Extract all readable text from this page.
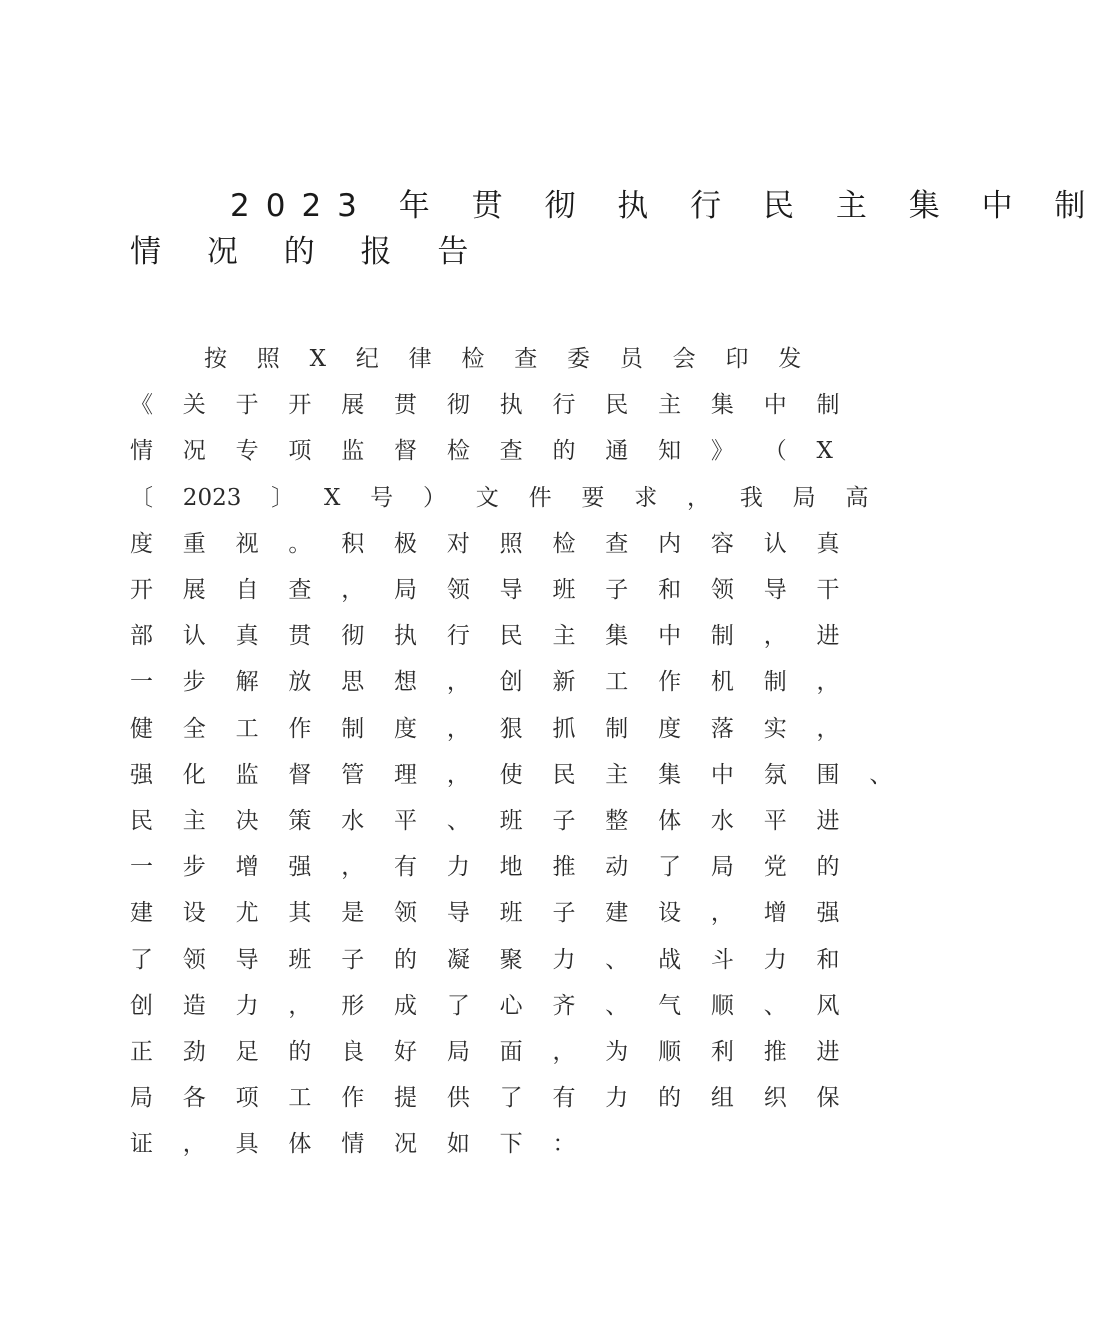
2023 年 贯 彻 执 行 民 主 集 中 制
情 况 的 报 告
按 照 X 纪 律 检 查 委 员 会 印 发
《 关 于 开 展 贯 彻 执 行 民 主 集 中 制
情 况 专 项 监 督 检 查 的 通 知 》 （ X
〔 2023 〕 X 号 ） 文 件 要 求 ， 我 局 高
度 重 视 。 积 极 对 照 检 查 内 容 认 真
开 展 自 查 ， 局 领 导 班 子 和 领 导 干
部 认 真 贯 彻 执 行 民 主 集 中 制 ， 进
一 步 解 放 思 想 ， 创 新 工 作 机 制 ，
健 全 工 作 制 度 ， 狠 抓 制 度 落 实 ，
强 化 监 督 管 理 ， 使 民 主 集 中 氛 围 、
民 主 决 策 水 平 、 班 子 整 体 水 平 进
一 步 增 强 ， 有 力 地 推 动 了 局 党 的
建 设 尤 其 是 领 导 班 子 建 设 ， 增 强
了 领 导 班 子 的 凝 聚 力 、 战 斗 力 和
创 造 力 ， 形 成 了 心 齐 、 气 顺 、 风
正 劲 足 的 良 好 局 面 ， 为 顺 利 推 进
局 各 项 工 作 提 供 了 有 力 的 组 织 保
证 ， 具 体 情 况 如 下 ：
